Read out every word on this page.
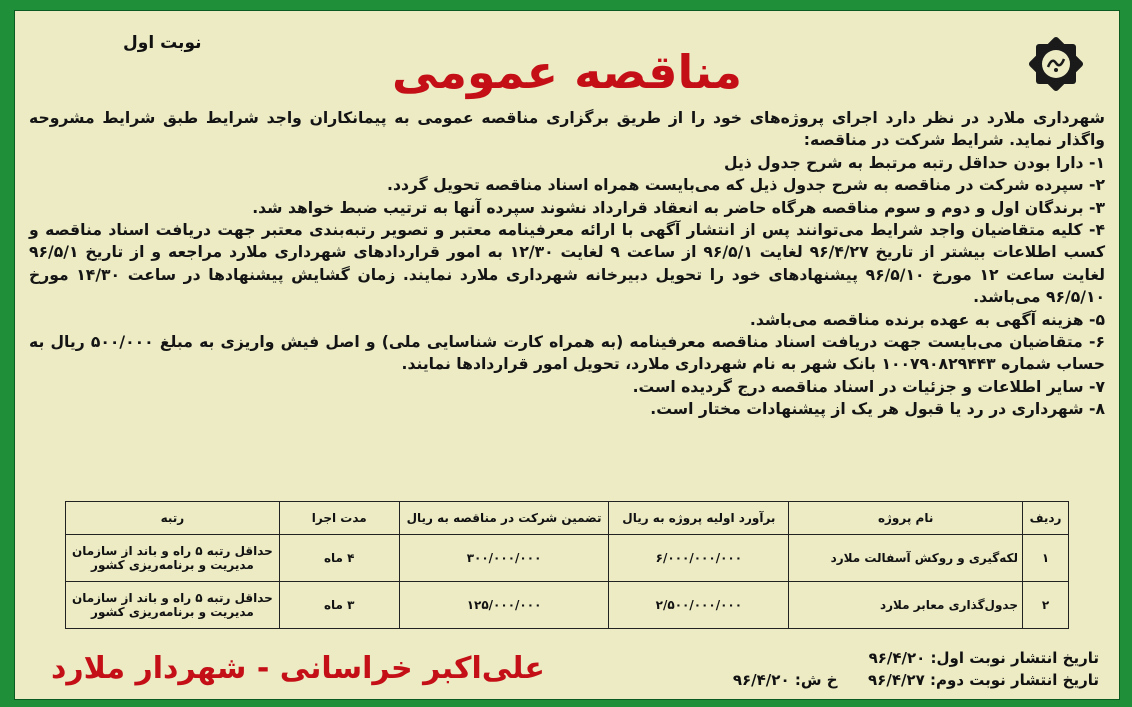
نوبت اول
مناقصه عمومی

شهرداری ملارد در نظر دارد اجرای پروژه‌های خود را از طریق برگزاری مناقصه عمومی به پیمانکاران واجد شرایط طبق شرایط مشروحه واگذار نماید. شرایط شرکت در مناقصه:

۱- دارا بودن حداقل رتبه مرتبط به شرح جدول ذیل

۲- سپرده شرکت در مناقصه به شرح جدول ذیل که می‌بایست همراه اسناد مناقصه تحویل گردد.

۳- برندگان اول و دوم و سوم مناقصه هرگاه حاضر به انعقاد قرارداد نشوند سپرده آنها به ترتیب ضبط خواهد شد.

۴- کلیه متقاضیان واجد شرایط می‌توانند پس از انتشار آگهی با ارائه معرفینامه معتبر و تصویر رتبه‌بندی معتبر جهت دریافت اسناد مناقصه و کسب اطلاعات بیشتر از تاریخ ۹۶/۴/۲۷ لغایت ۹۶/۵/۱ از ساعت ۹ لغایت ۱۲/۳۰ به امور قراردادهای شهرداری ملارد مراجعه و از تاریخ ۹۶/۵/۱ لغایت ساعت ۱۲ مورخ ۹۶/۵/۱۰ پیشنهادهای خود را تحویل دبیرخانه شهرداری ملارد نمایند. زمان گشایش پیشنهادها در ساعت ۱۴/۳۰ مورخ ۹۶/۵/۱۰ می‌باشد.

۵- هزینه آگهی به عهده برنده مناقصه می‌باشد.

۶- متقاضیان می‌بایست جهت دریافت اسناد مناقصه معرفینامه (به همراه کارت شناسایی ملی) و اصل فیش واریزی به مبلغ ۵۰۰/۰۰۰ ریال به حساب شماره ۱۰۰۷۹۰۸۲۹۴۴۳ بانک شهر به نام شهرداری ملارد، تحویل امور قراردادها نمایند.

۷- سایر اطلاعات و جزئیات در اسناد مناقصه درج گردیده است.

۸- شهرداری در رد یا قبول هر یک از پیشنهادات مختار است.

ردیف	نام پروژه	برآورد اولیه پروژه به ریال	تضمین شرکت در مناقصه به ریال	مدت اجرا	رتبه
۱	لکه‌گیری و روکش آسفالت ملارد	۶/۰۰۰/۰۰۰/۰۰۰	۳۰۰/۰۰۰/۰۰۰	۴ ماه	حداقل رتبه ۵ راه و باند از سازمان مدیریت و برنامه‌ریزی کشور
۲	جدول‌گذاری معابر ملارد	۲/۵۰۰/۰۰۰/۰۰۰	۱۲۵/۰۰۰/۰۰۰	۳ ماه	حداقل رتبه ۵ راه و باند از سازمان مدیریت و برنامه‌ریزی کشور
تاریخ انتشار نوبت اول: ۹۶/۴/۲۰
تاریخ انتشار نوبت دوم: ۹۶/۴/۲۷  خ ش: ۹۶/۴/۲۰
علی‌اکبر خراسانی - شهردار ملارد
